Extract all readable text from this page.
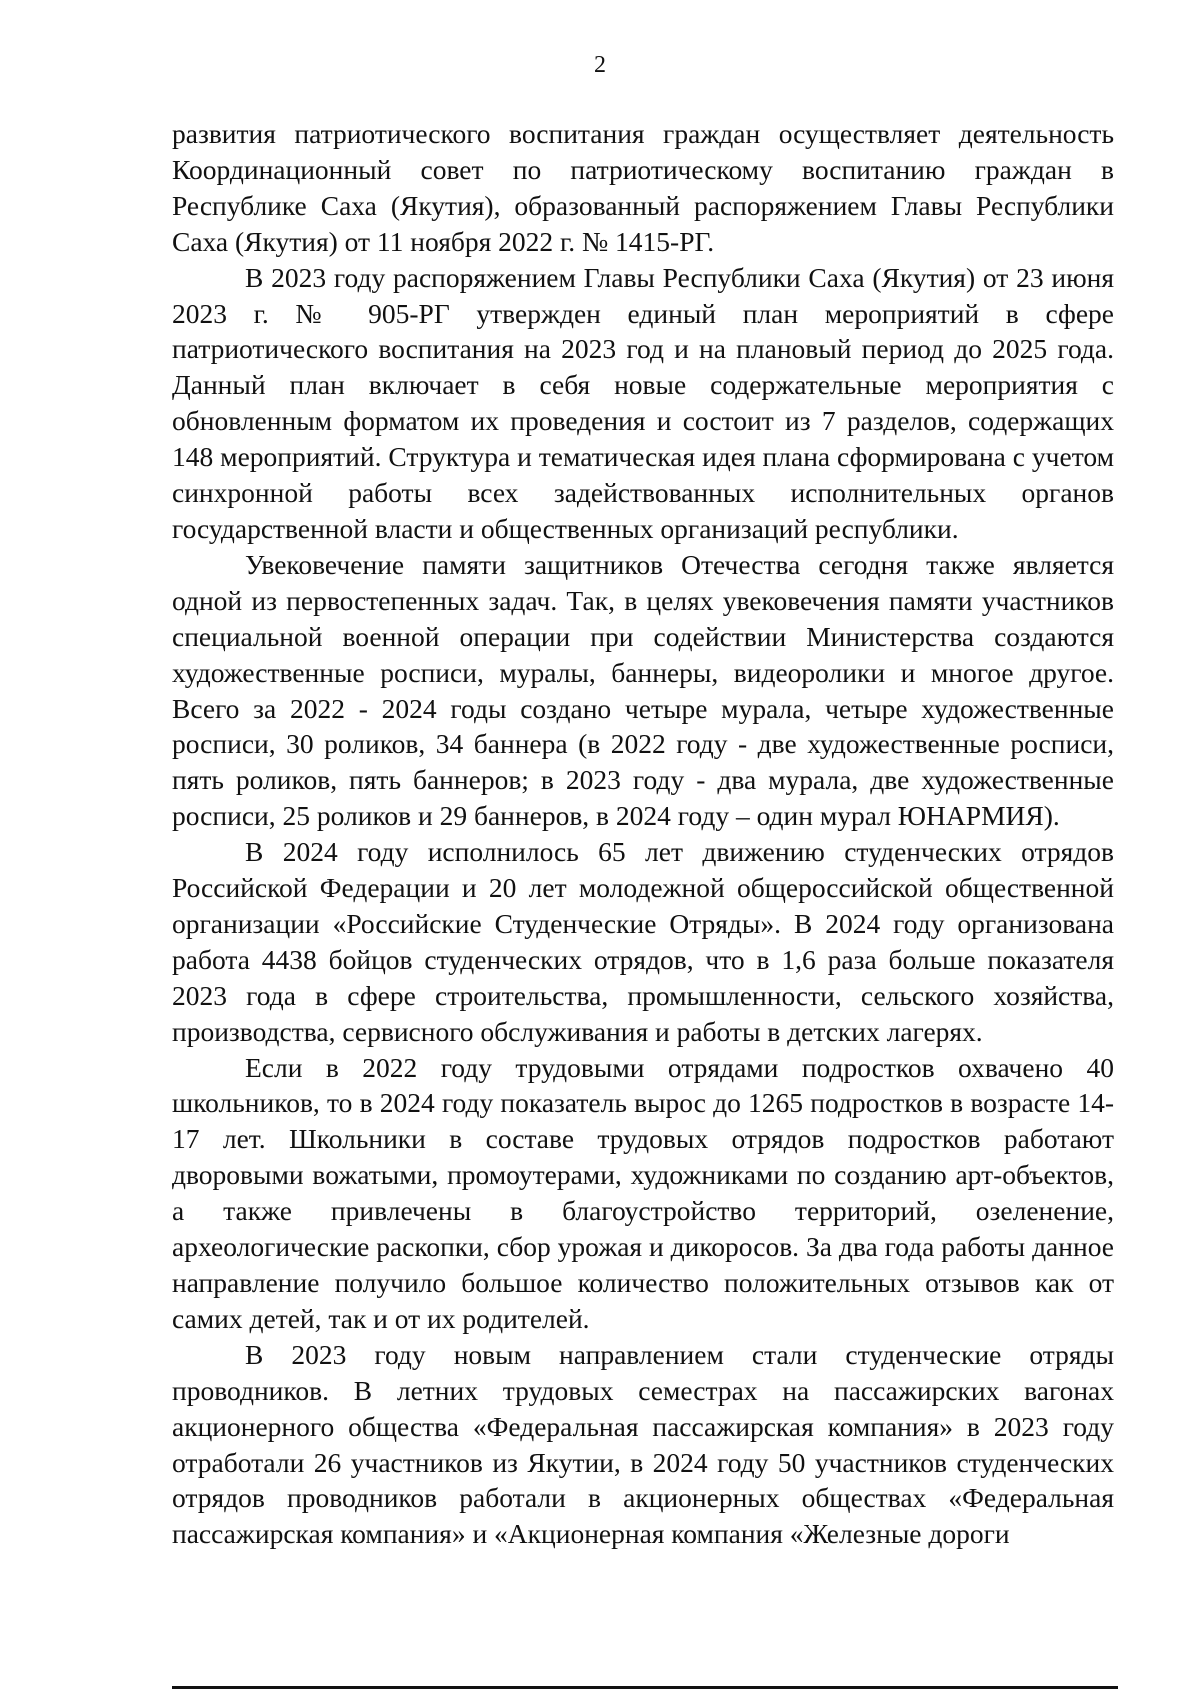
2

развития патриотического воспитания граждан осуществляет деятельность Координационный совет по патриотическому воспитанию граждан в Республике Саха (Якутия), образованный распоряжением Главы Республики Саха (Якутия) от 11 ноября 2022 г. № 1415-РГ.

В 2023 году распоряжением Главы Республики Саха (Якутия) от 23 июня 2023 г. № 905-РГ утвержден единый план мероприятий в сфере патриотического воспитания на 2023 год и на плановый период до 2025 года. Данный план включает в себя новые содержательные мероприятия с обновленным форматом их проведения и состоит из 7 разделов, содержащих 148 мероприятий. Структура и тематическая идея плана сформирована с учетом синхронной работы всех задействованных исполнительных органов государственной власти и общественных организаций республики.

Увековечение памяти защитников Отечества сегодня также является одной из первостепенных задач. Так, в целях увековечения памяти участников специальной военной операции при содействии Министерства создаются художественные росписи, муралы, баннеры, видеоролики и многое другое. Всего за 2022 - 2024 годы создано четыре мурала, четыре художественные росписи, 30 роликов, 34 баннера (в 2022 году - две художественные росписи, пять роликов, пять баннеров; в 2023 году - два мурала, две художественные росписи, 25 роликов и 29 баннеров, в 2024 году – один мурал ЮНАРМИЯ).

В 2024 году исполнилось 65 лет движению студенческих отрядов Российской Федерации и 20 лет молодежной общероссийской общественной организации «Российские Студенческие Отряды». В 2024 году организована работа 4438 бойцов студенческих отрядов, что в 1,6 раза больше показателя 2023 года в сфере строительства, промышленности, сельского хозяйства, производства, сервисного обслуживания и работы в детских лагерях.

Если в 2022 году трудовыми отрядами подростков охвачено 40 школьников, то в 2024 году показатель вырос до 1265 подростков в возрасте 14-17 лет. Школьники в составе трудовых отрядов подростков работают дворовыми вожатыми, промоутерами, художниками по созданию арт-объектов, а также привлечены в благоустройство территорий, озеленение, археологические раскопки, сбор урожая и дикоросов. За два года работы данное направление получило большое количество положительных отзывов как от самих детей, так и от их родителей.

В 2023 году новым направлением стали студенческие отряды проводников. В летних трудовых семестрах на пассажирских вагонах акционерного общества «Федеральная пассажирская компания» в 2023 году отработали 26 участников из Якутии, в 2024 году 50 участников студенческих отрядов проводников работали в акционерных обществах «Федеральная пассажирская компания» и «Акционерная компания «Железные дороги
